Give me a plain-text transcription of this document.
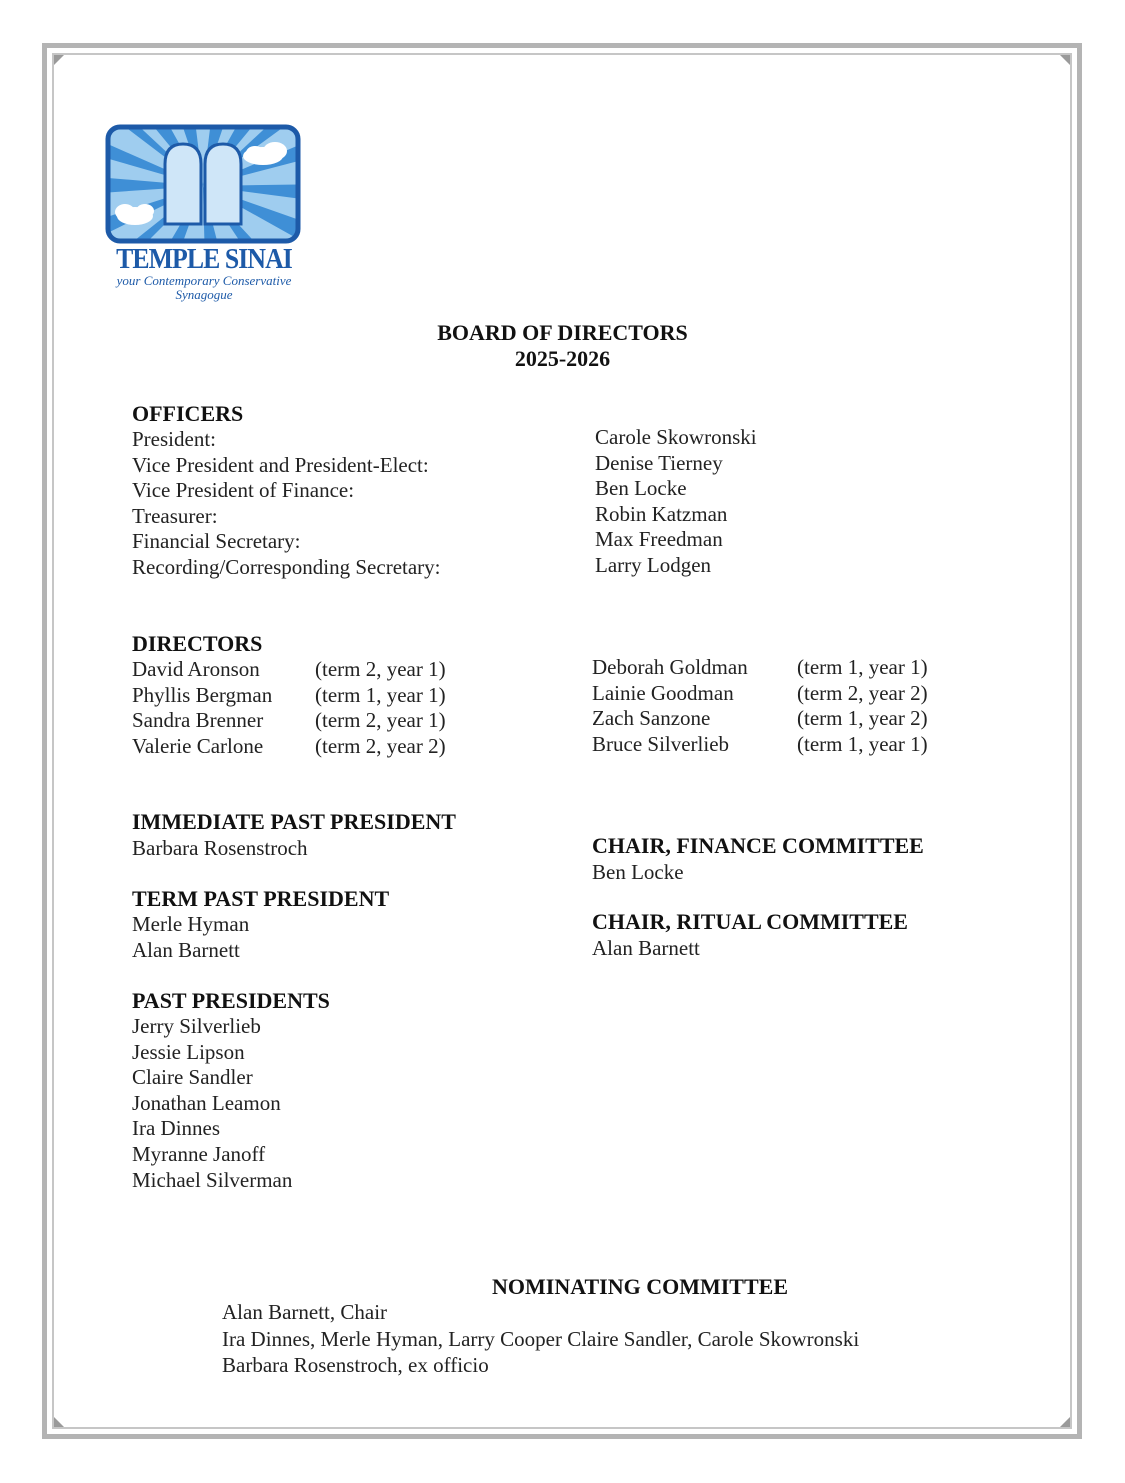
TEMPLE SINAI
your Contemporary Conservative
Synagogue
BOARD OF DIRECTORS
2025-2026
OFFICERS
President:
Vice President and President-Elect:
Vice President of Finance:
Treasurer:
Financial Secretary:
Recording/Corresponding Secretary:
Carole Skowronski
Denise Tierney
Ben Locke
Robin Katzman
Max Freedman
Larry Lodgen
DIRECTORS
David Aronson
Phyllis Bergman
Sandra Brenner
Valerie Carlone
(term 2, year 1)
(term 1, year 1)
(term 2, year 1)
(term 2, year 2)
Deborah Goldman
Lainie Goodman
Zach Sanzone
Bruce Silverlieb
(term 1, year 1)
(term 2, year 2)
(term 1, year 2)
(term 1, year 1)
IMMEDIATE PAST PRESIDENT
Barbara Rosenstroch
TERM PAST PRESIDENT
Merle Hyman
Alan Barnett
PAST PRESIDENTS
Jerry Silverlieb
Jessie Lipson
Claire Sandler
Jonathan Leamon
Ira Dinnes
Myranne Janoff
Michael Silverman
CHAIR, FINANCE COMMITTEE
Ben Locke
CHAIR, RITUAL COMMITTEE
Alan Barnett
NOMINATING COMMITTEE
Alan Barnett, Chair
Ira Dinnes, Merle Hyman, Larry Cooper Claire Sandler, Carole Skowronski
Barbara Rosenstroch, ex officio
